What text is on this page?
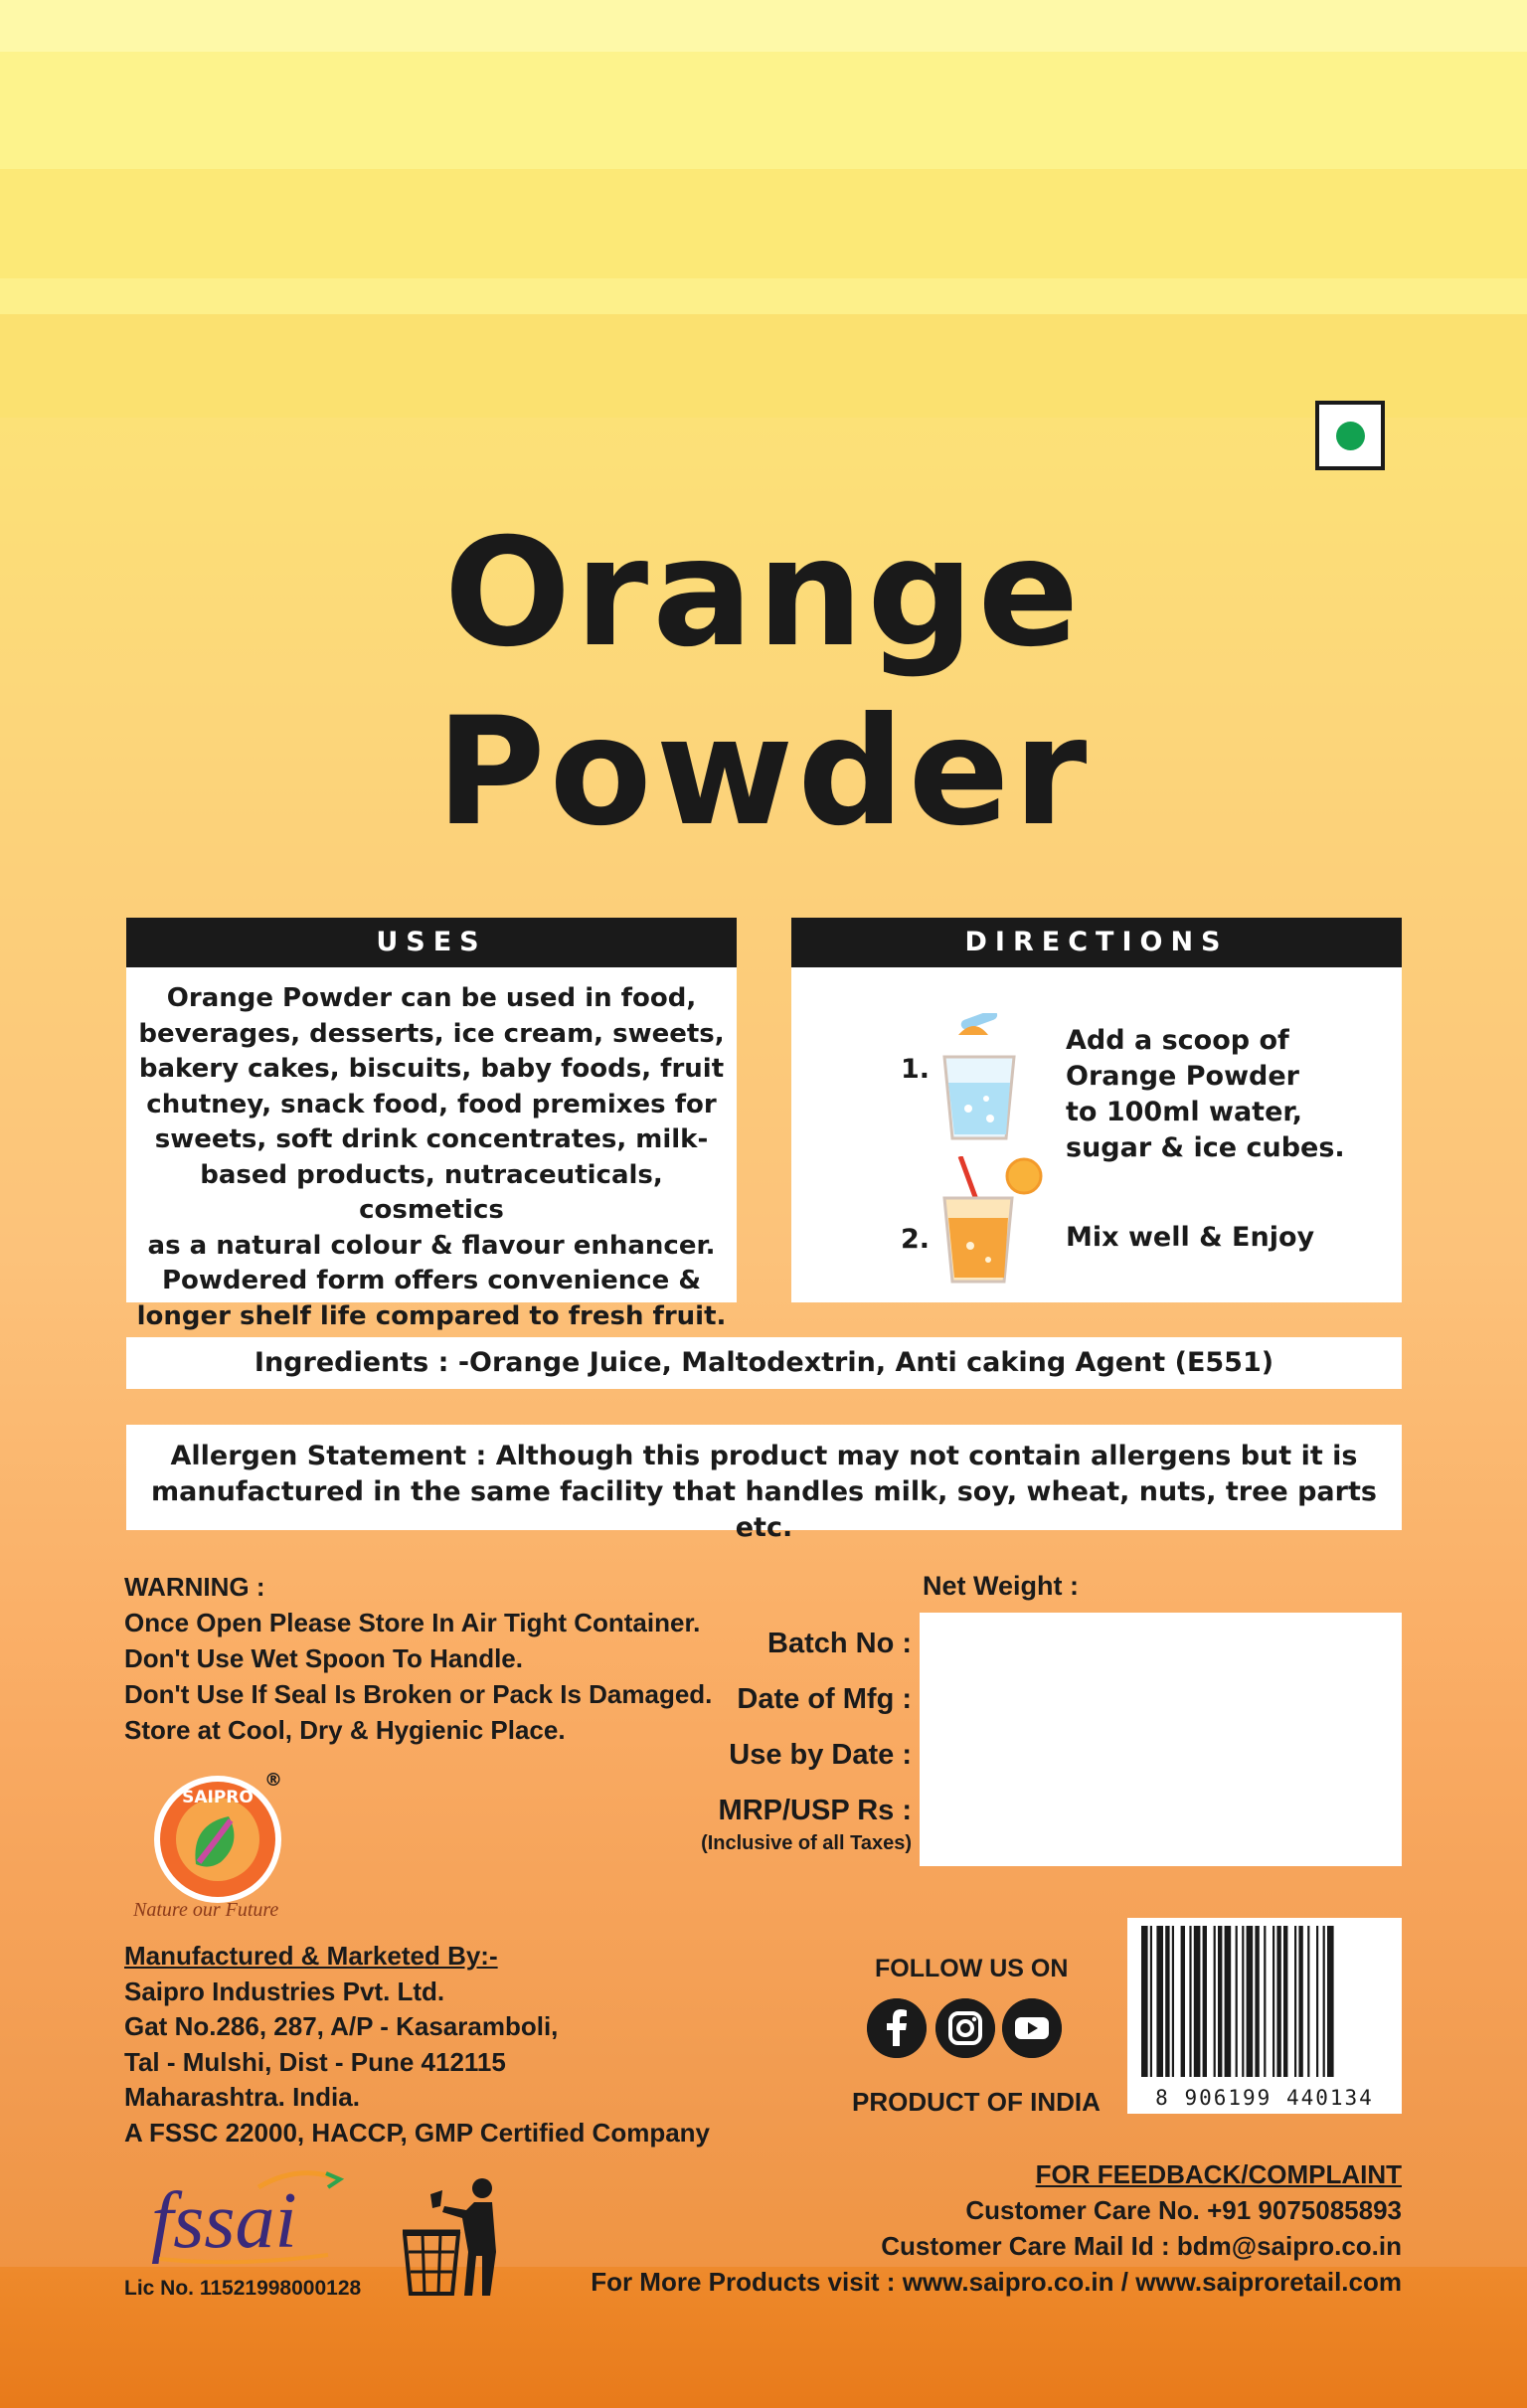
Orange
Powder
USES
Orange Powder can be used in food,
beverages, desserts, ice cream, sweets,
bakery cakes, biscuits, baby foods, fruit
chutney, snack food, food premixes for
sweets, soft drink concentrates, milk-
based products, nutraceuticals, cosmetics
as a natural colour & flavour enhancer.
Powdered form offers convenience &
longer shelf life compared to fresh fruit.
DIRECTIONS
1.
Add a scoop of
Orange Powder
to 100ml water,
sugar & ice cubes.
2.	Mix well & Enjoy
Ingredients : -Orange Juice, Maltodextrin, Anti caking Agent (E551)
Allergen Statement : Although this product may not contain allergens but it is
manufactured in the same facility that handles milk, soy, wheat, nuts, tree parts etc.
WARNING :
Once Open Please Store In Air Tight Container.
Don't Use Wet Spoon To Handle.
Don't Use If Seal Is Broken or Pack Is Damaged.
Store at Cool, Dry & Hygienic Place.
Net Weight :
Batch No :
Date of Mfg :
Use by Date :
MRP/USP Rs :
(Inclusive of all Taxes)
SAIPRO
®
Nature our Future
Manufactured & Marketed By:-
Saipro Industries Pvt. Ltd.
Gat No.286, 287, A/P - Kasaramboli,
Tal - Mulshi, Dist - Pune 412115
Maharashtra. India.
A FSSC 22000, HACCP, GMP Certified Company
FOLLOW US ON
PRODUCT OF INDIA	8 906199 440134
fssai
Lic No. 11521998000128
FOR FEEDBACK/COMPLAINT
Customer Care No. +91 9075085893
Customer Care Mail Id : bdm@saipro.co.in
For More Products visit : www.saipro.co.in / www.saiproretail.com
